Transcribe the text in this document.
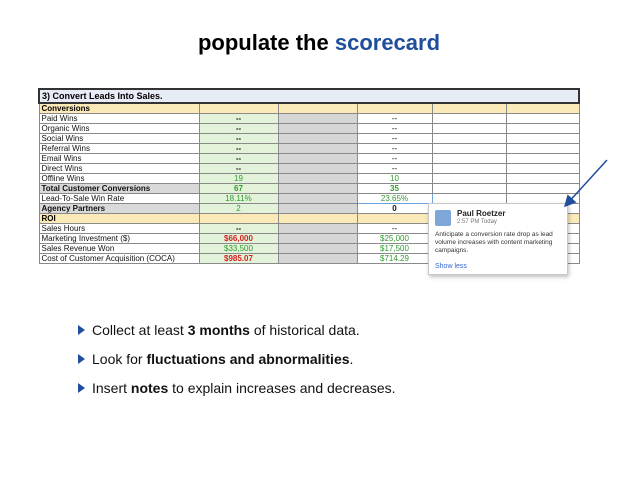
populate the scorecard
3) Convert Leads Into Sales.					
Conversions					
Paid Wins	--		--		
Organic Wins	--		--		
Social Wins	--		--		
Referral Wins	--		--		
Email Wins	--		--		
Direct Wins	--		--		
Offline Wins	19		10		
Total Customer Conversions	67		35		
Lead-To-Sale Win Rate	18.11%		23.65%		
Agency Partners	2		0		
ROI					
Sales Hours	--		--		
Marketing Investment ($)	$66,000		$25,000		
Sales Revenue Won	$33,500		$17,500		
Cost of Customer Acquisition (COCA)	$985.07		$714.29		
Paul Roetzer
2:57 PM Today
Anticipate a conversion rate drop as lead volume increases with content marketing campaigns.
Show less
Collect at least 3 months of historical data.
Look for fluctuations and abnormalities.
Insert notes to explain increases and decreases.
